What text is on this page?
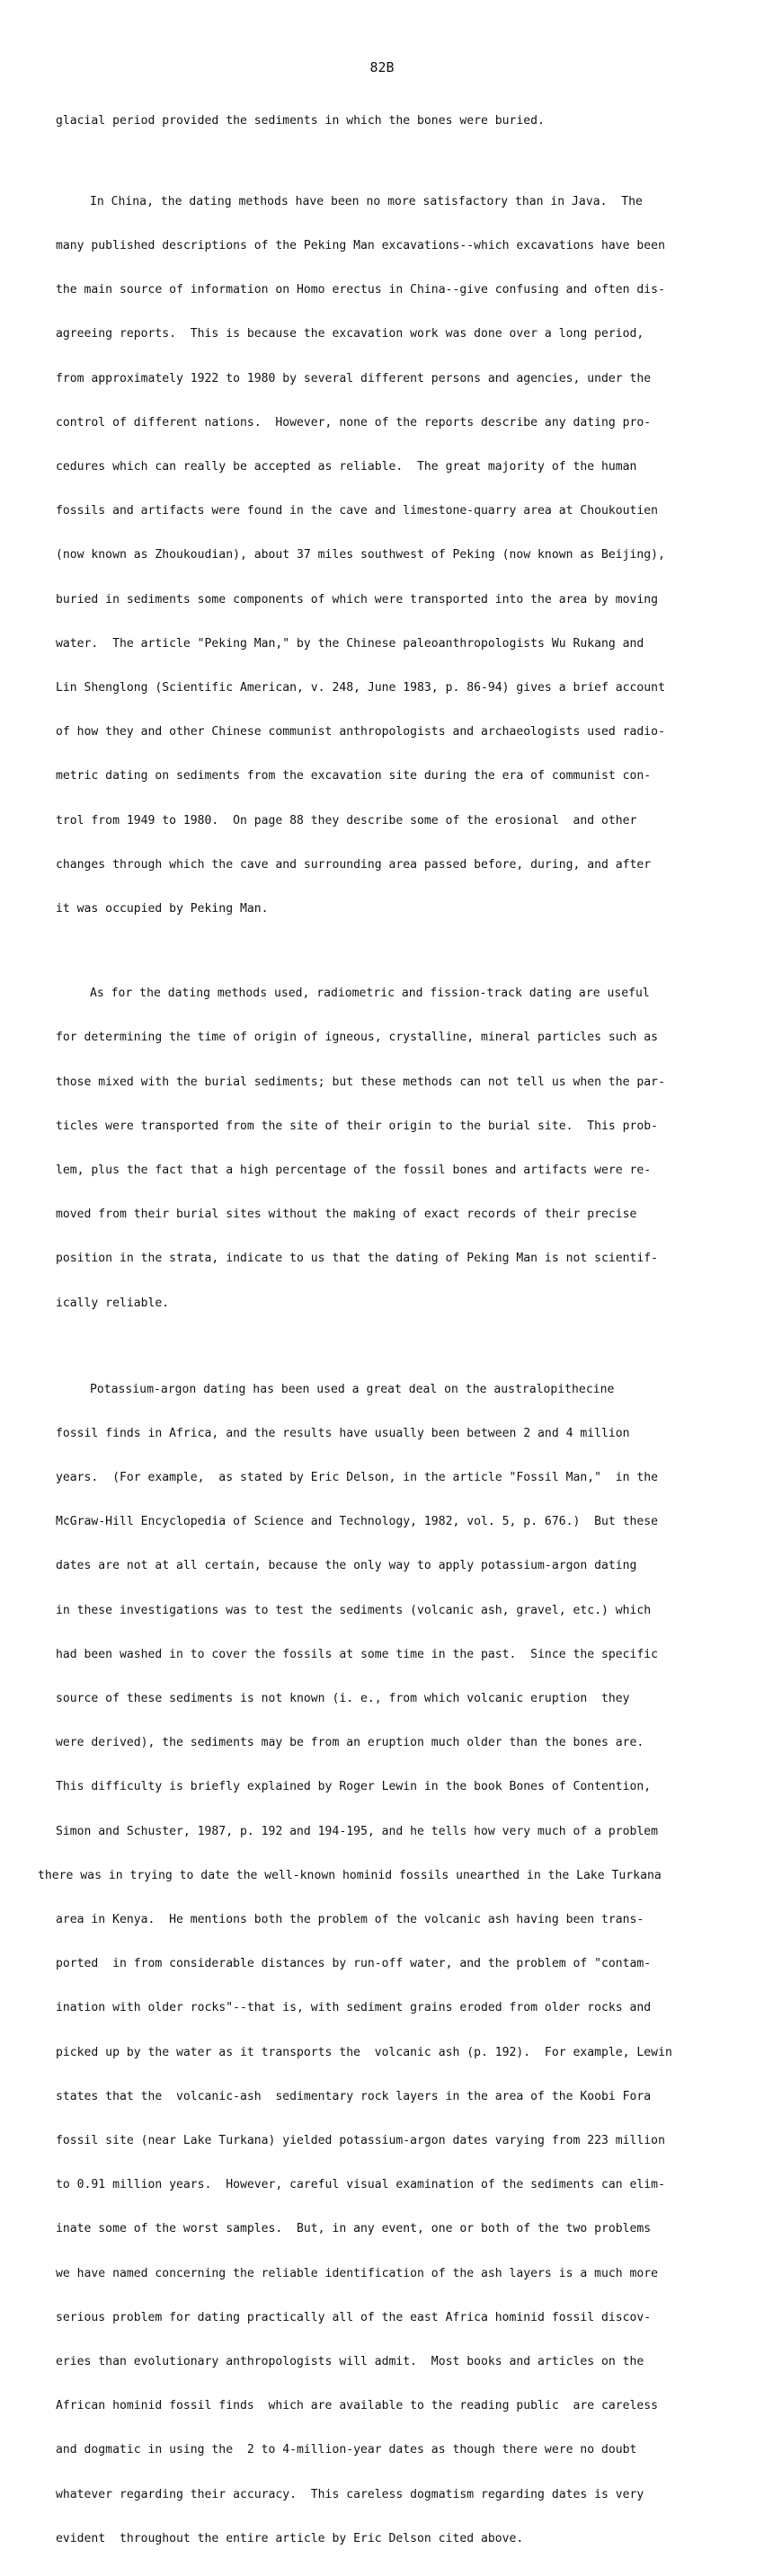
82B

glacial period provided the sediments in which the bones were buried.

In China, the dating methods have been no more satisfactory than in Java.  The

many published descriptions of the Peking Man excavations--which excavations have been

the main source of information on Homo erectus in China--give confusing and often dis-

agreeing reports.  This is because the excavation work was done over a long period,

from approximately 1922 to 1980 by several different persons and agencies, under the

control of different nations.  However, none of the reports describe any dating pro-

cedures which can really be accepted as reliable.  The great majority of the human

fossils and artifacts were found in the cave and limestone-quarry area at Choukoutien

(now known as Zhoukoudian), about 37 miles southwest of Peking (now known as Beijing),

buried in sediments some components of which were transported into the area by moving

water.  The article "Peking Man," by the Chinese paleoanthropologists Wu Rukang and

Lin Shenglong (Scientific American, v. 248, June 1983, p. 86-94) gives a brief account

of how they and other Chinese communist anthropologists and archaeologists used radio-

metric dating on sediments from the excavation site during the era of communist con-

trol from 1949 to 1980.  On page 88 they describe some of the erosional  and other

changes through which the cave and surrounding area passed before, during, and after

it was occupied by Peking Man.

As for the dating methods used, radiometric and fission-track dating are useful

for determining the time of origin of igneous, crystalline, mineral particles such as

those mixed with the burial sediments; but these methods can not tell us when the par-

ticles were transported from the site of their origin to the burial site.  This prob-

lem, plus the fact that a high percentage of the fossil bones and artifacts were re-

moved from their burial sites without the making of exact records of their precise

position in the strata, indicate to us that the dating of Peking Man is not scientif-

ically reliable.

Potassium-argon dating has been used a great deal on the australopithecine

fossil finds in Africa, and the results have usually been between 2 and 4 million

years.  (For example,  as stated by Eric Delson, in the article "Fossil Man,"  in the

McGraw-Hill Encyclopedia of Science and Technology, 1982, vol. 5, p. 676.)  But these

dates are not at all certain, because the only way to apply potassium-argon dating

in these investigations was to test the sediments (volcanic ash, gravel, etc.) which

had been washed in to cover the fossils at some time in the past.  Since the specific

source of these sediments is not known (i. e., from which volcanic eruption  they

were derived), the sediments may be from an eruption much older than the bones are.

This difficulty is briefly explained by Roger Lewin in the book Bones of Contention,

Simon and Schuster, 1987, p. 192 and 194-195, and he tells how very much of a problem

there was in trying to date the well-known hominid fossils unearthed in the Lake Turkana

area in Kenya.  He mentions both the problem of the volcanic ash having been trans-

ported  in from considerable distances by run-off water, and the problem of "contam-

ination with older rocks"--that is, with sediment grains eroded from older rocks and

picked up by the water as it transports the  volcanic ash (p. 192).  For example, Lewin

states that the  volcanic-ash  sedimentary rock layers in the area of the Koobi Fora

fossil site (near Lake Turkana) yielded potassium-argon dates varying from 223 million

to 0.91 million years.  However, careful visual examination of the sediments can elim-

inate some of the worst samples.  But, in any event, one or both of the two problems

we have named concerning the reliable identification of the ash layers is a much more

serious problem for dating practically all of the east Africa hominid fossil discov-

eries than evolutionary anthropologists will admit.  Most books and articles on the

African hominid fossil finds  which are available to the reading public  are careless

and dogmatic in using the  2 to 4-million-year dates as though there were no doubt

whatever regarding their accuracy.  This careless dogmatism regarding dates is very

evident  throughout the entire article by Eric Delson cited above.
